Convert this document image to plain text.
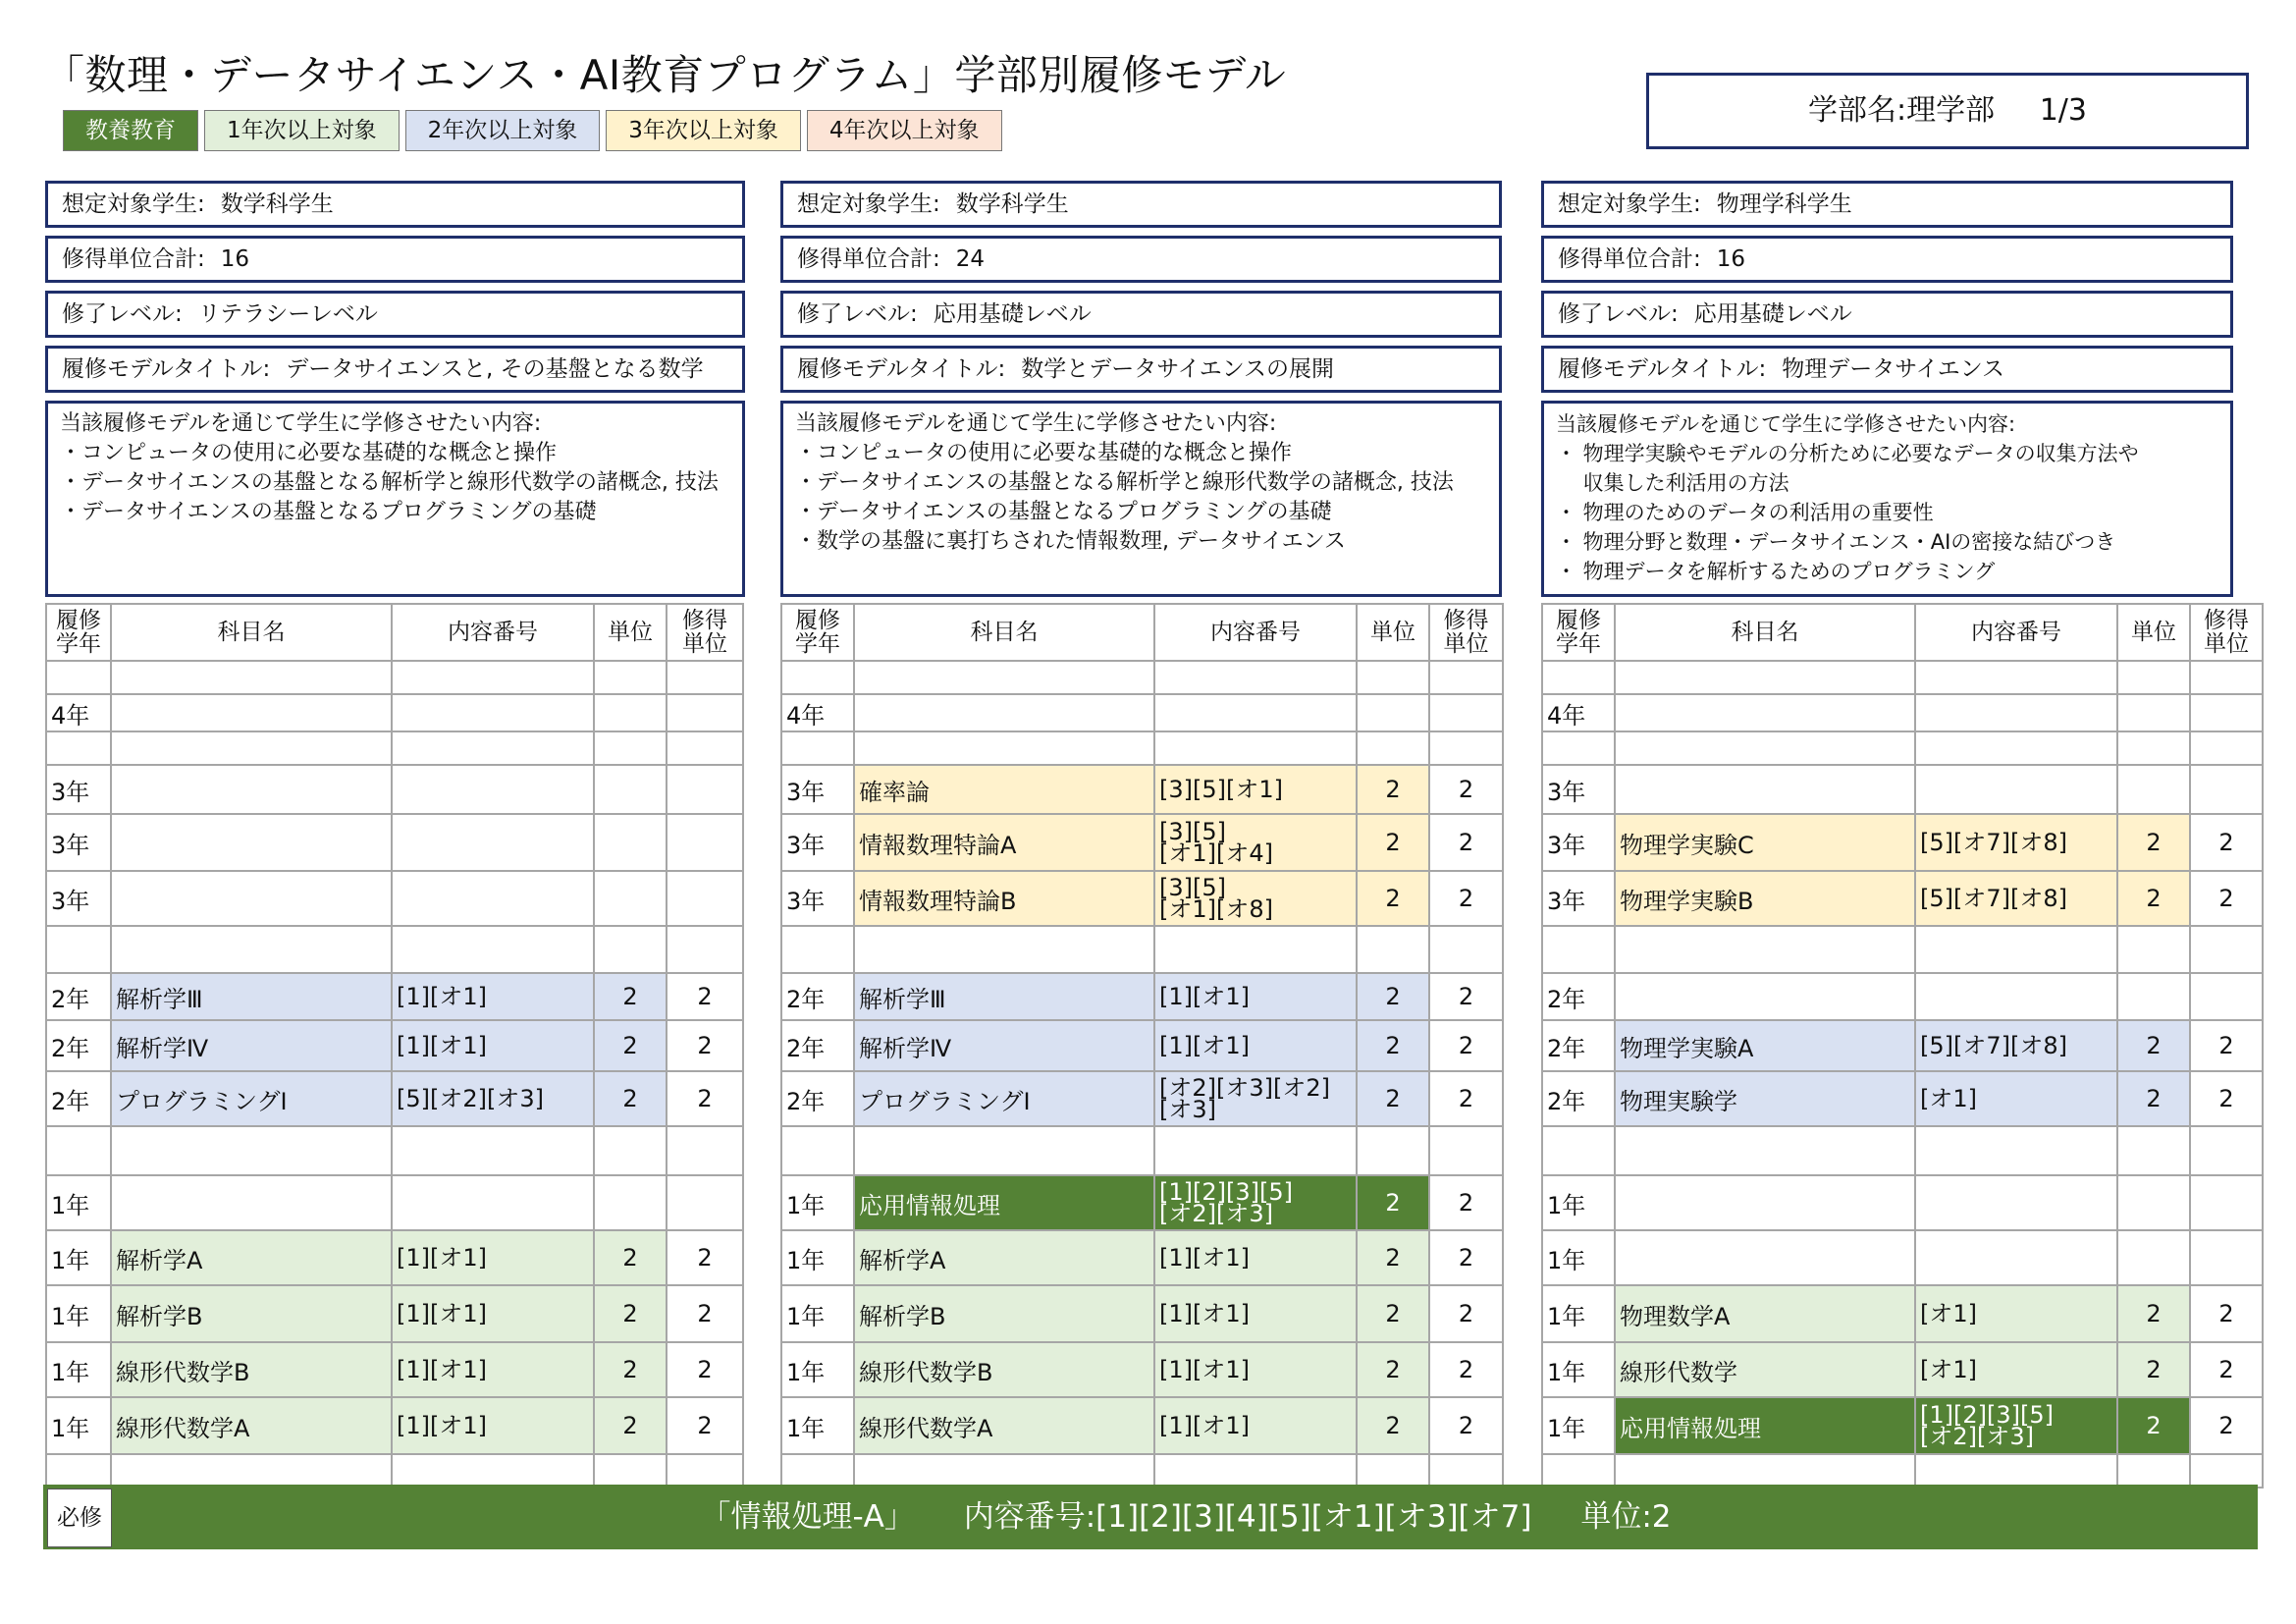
「数理・データサイエンス・AI教育プログラム」学部別履修モデル
教養教育	1年次以上対象	2年次以上対象	3年次以上対象	4年次以上対象
学部名:理学部 1/3
想定対象学生: 数学科学生
修得単位合計: 16
修了レベル: リテラシーレベル
履修モデルタイトル: データサイエンスと, その基盤となる数学
当該履修モデルを通じて学生に学修させたい内容:
・コンピュータの使用に必要な基礎的な概念と操作
・データサイエンスの基盤となる解析学と線形代数学の諸概念, 技法
・データサイエンスの基盤となるプログラミングの基礎
想定対象学生: 数学科学生
修得単位合計: 24
修了レベル: 応用基礎レベル
履修モデルタイトル: 数学とデータサイエンスの展開
当該履修モデルを通じて学生に学修させたい内容:
・コンピュータの使用に必要な基礎的な概念と操作
・データサイエンスの基盤となる解析学と線形代数学の諸概念, 技法
・データサイエンスの基盤となるプログラミングの基礎
・数学の基盤に裏打ちされた情報数理, データサイエンス
想定対象学生: 物理学科学生
修得単位合計: 16
修了レベル: 応用基礎レベル
履修モデルタイトル: 物理データサイエンス
当該履修モデルを通じて学生に学修させたい内容:
・ 物理学実験やモデルの分析ために必要なデータの収集方法や
　 収集した利活用の方法
・ 物理のためのデータの利活用の重要性
・ 物理分野と数理・データサイエンス・AIの密接な結びつき
・ 物理データを解析するためのプログラミング
履修
学年	科目名	内容番号	単位	修得
単位

4年				

3年				
3年				
3年				

2年	解析学Ⅲ	[1][オ1]	2	2
2年	解析学Ⅳ	[1][オ1]	2	2
2年	プログラミングⅠ	[5][オ2][オ3]	2	2

1年				
1年	解析学A	[1][オ1]	2	2
1年	解析学B	[1][オ1]	2	2
1年	線形代数学B	[1][オ1]	2	2
1年	線形代数学A	[1][オ1]	2	2

履修
学年	科目名	内容番号	単位	修得
単位

4年				

3年	確率論	[3][5][オ1]	2	2
3年	情報数理特論A	[3][5]
[オ1][オ4]	2	2
3年	情報数理特論B	[3][5]
[オ1][オ8]	2	2

2年	解析学Ⅲ	[1][オ1]	2	2
2年	解析学Ⅳ	[1][オ1]	2	2
2年	プログラミングⅠ	[オ2][オ3][オ2]
[オ3]	2	2

1年	応用情報処理	[1][2][3][5]
[オ2][オ3]	2	2
1年	解析学A	[1][オ1]	2	2
1年	解析学B	[1][オ1]	2	2
1年	線形代数学B	[1][オ1]	2	2
1年	線形代数学A	[1][オ1]	2	2

履修
学年	科目名	内容番号	単位	修得
単位

4年				

3年				
3年	物理学実験C	[5][オ7][オ8]	2	2
3年	物理学実験B	[5][オ7][オ8]	2	2

2年				
2年	物理学実験A	[5][オ7][オ8]	2	2
2年	物理実験学	[オ1]	2	2

1年				
1年				
1年	物理数学A	[オ1]	2	2
1年	線形代数学	[オ1]	2	2
1年	応用情報処理	[1][2][3][5]
[オ2][オ3]	2	2

必修	「情報処理-A」 内容番号:[1][2][3][4][5][オ1][オ3][オ7] 単位:2
